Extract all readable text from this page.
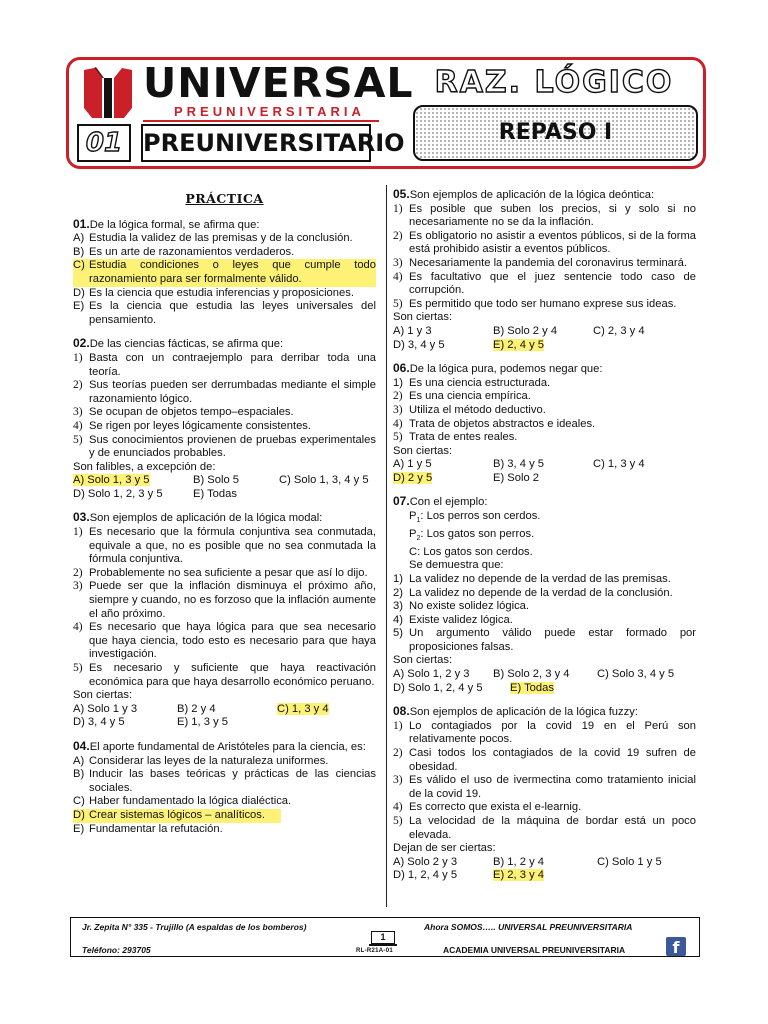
UNIVERSAL
PREUNIVERSITARIA
01 PREUNIVERSITARIO
RAZ. LÓGICO
REPASO I
PRÁCTICA
01.De la lógica formal, se afirma que:
A) Estudia la validez de las premisas y de la conclusión.
B) Es un arte de razonamientos verdaderos.
C) Estudia condiciones o leyes que cumple todo razonamiento para ser formalmente válido.
D) Es la ciencia que estudia inferencias y proposiciones.
E) Es la ciencia que estudia las leyes universales del pensamiento.
02.De las ciencias fácticas, se afirma que:
1) Basta con un contraejemplo para derribar toda una teoría.
2) Sus teorías pueden ser derrumbadas mediante el simple razonamiento lógico.
3) Se ocupan de objetos tempo–espaciales.
4) Se rigen por leyes lógicamente consistentes.
5) Sus conocimientos provienen de pruebas experimentales y de enunciados probables.
Son falibles, a excepción de:
A) Solo 1, 3 y 5	B) Solo 5	C) Solo 1, 3, 4 y 5
D) Solo 1, 2, 3 y 5	E) Todas
03.Son ejemplos de aplicación de la lógica modal:
1) Es necesario que la fórmula conjuntiva sea conmutada, equivale a que, no es posible que no sea conmutada la fórmula conjuntiva.
2) Probablemente no sea suficiente a pesar que así lo dijo.
3) Puede ser que la inflación disminuya el próximo año, siempre y cuando, no es forzoso que la inflación aumente el año próximo.
4) Es necesario que haya lógica para que sea necesario que haya ciencia, todo esto es necesario para que haya investigación.
5) Es necesario y suficiente que haya reactivación económica para que haya desarrollo económico peruano.
Son ciertas:
A) Solo 1 y 3	B) 2 y 4	C) 1, 3 y 4
D) 3, 4 y 5	E) 1, 3 y 5
04.El aporte fundamental de Aristóteles para la ciencia, es:
A) Considerar las leyes de la naturaleza uniformes.
B) Inducir las bases teóricas y prácticas de las ciencias sociales.
C) Haber fundamentado la lógica dialéctica.
D) Crear sistemas lógicos – analíticos.
E) Fundamentar la refutación.
05.Son ejemplos de aplicación de la lógica deóntica:
1) Es posible que suben los precios, si y solo si no necesariamente no se da la inflación.
2) Es obligatorio no asistir a eventos públicos, si de la forma está prohibido asistir a eventos públicos.
3) Necesariamente la pandemia del coronavirus terminará.
4) Es facultativo que el juez sentencie todo caso de corrupción.
5) Es permitido que todo ser humano exprese sus ideas.
Son ciertas:
A) 1 y 3	B) Solo 2 y 4	C) 2, 3 y 4
D) 3, 4 y 5	E) 2, 4 y 5
06.De la lógica pura, podemos negar que:
1) Es una ciencia estructurada.
2) Es una ciencia empírica.
3) Utiliza el método deductivo.
4) Trata de objetos abstractos e ideales.
5) Trata de entes reales.
Son ciertas:
A) 1 y 5	B) 3, 4 y 5	C) 1, 3 y 4
D) 2 y 5	E) Solo 2
07.Con el ejemplo:
$P_1$: Los perros son cerdos.
$P_2$: Los gatos son perros.
C: Los gatos son cerdos.
Se demuestra que:
1) La validez no depende de la verdad de las premisas.
2) La validez no depende de la verdad de la conclusión.
3) No existe solidez lógica.
4) Existe validez lógica.
5) Un argumento válido puede estar formado por proposiciones falsas.
Son ciertas:
A) Solo 1, 2 y 3	B) Solo 2, 3 y 4	C) Solo 3, 4 y 5
D) Solo 1, 2, 4 y 5	E) Todas
08.Son ejemplos de aplicación de la lógica fuzzy:
1) Lo contagiados por la covid 19 en el Perú son relativamente pocos.
2) Casi todos los contagiados de la covid 19 sufren de obesidad.
3) Es válido el uso de ivermectina como tratamiento inicial de la covid 19.
4) Es correcto que exista el e-learnig.
5) La velocidad de la máquina de bordar está un poco elevada.
Dejan de ser ciertas:
A) Solo 2 y 3	B) 1, 2 y 4	C) Solo 1 y 5
D) 1, 2, 4 y 5	E) 2, 3 y 4
Jr. Zepita N° 335 - Trujillo (A espaldas de los bomberos)
Teléfono: 293705
Ahora SOMOS….. UNIVERSAL PREUNIVERSITARIA
ACADEMIA UNIVERSAL PREUNIVERSITARIA
1
RL-R21A-01	f
